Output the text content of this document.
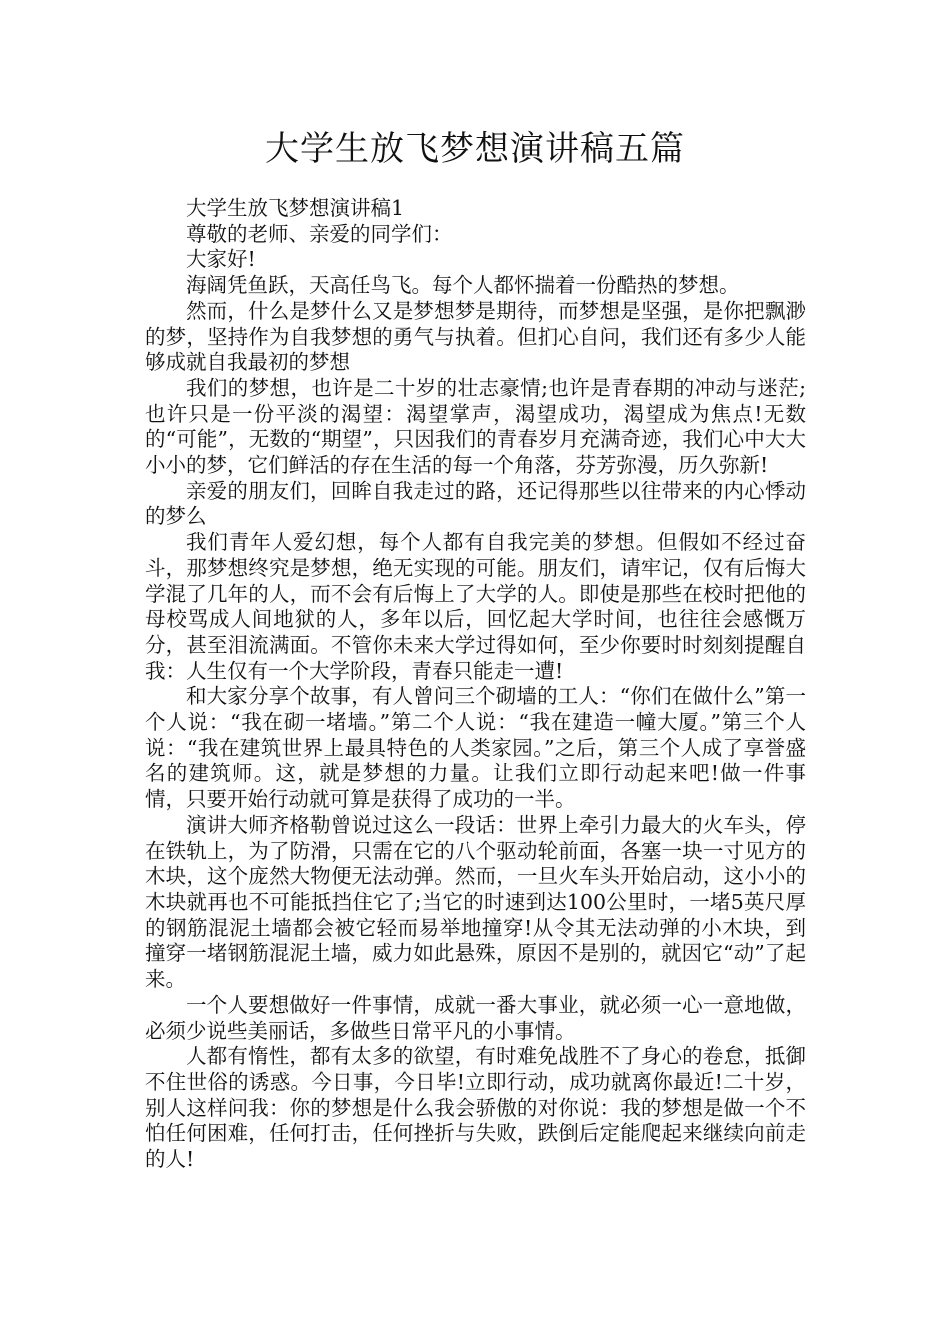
大学生放飞梦想演讲稿五篇

大学生放飞梦想演讲稿1

尊敬的老师、亲爱的同学们：

大家好!

海阔凭鱼跃，天高任鸟飞。每个人都怀揣着一份酷热的梦想。

然而，什么是梦什么又是梦想梦是期待，而梦想是坚强，是你把飘渺的梦，坚持作为自我梦想的勇气与执着。但扪心自问，我们还有多少人能够成就自我最初的梦想

我们的梦想，也许是二十岁的壮志豪情;也许是青春期的冲动与迷茫;也许只是一份平淡的渴望：渴望掌声，渴望成功，渴望成为焦点!无数的“可能”，无数的“期望”，只因我们的青春岁月充满奇迹，我们心中大大小小的梦，它们鲜活的存在生活的每一个角落，芬芳弥漫，历久弥新!

亲爱的朋友们，回眸自我走过的路，还记得那些以往带来的内心悸动的梦么

我们青年人爱幻想，每个人都有自我完美的梦想。但假如不经过奋斗，那梦想终究是梦想，绝无实现的可能。朋友们，请牢记，仅有后悔大学混了几年的人，而不会有后悔上了大学的人。即使是那些在校时把他的母校骂成人间地狱的人，多年以后，回忆起大学时间，也往往会感慨万分，甚至泪流满面。不管你未来大学过得如何，至少你要时时刻刻提醒自我：人生仅有一个大学阶段，青春只能走一遭!

和大家分享个故事，有人曾问三个砌墙的工人：“你们在做什么”第一个人说：“我在砌一堵墙。”第二个人说：“我在建造一幢大厦。”第三个人说：“我在建筑世界上最具特色的人类家园。”之后，第三个人成了享誉盛名的建筑师。这，就是梦想的力量。让我们立即行动起来吧!做一件事情，只要开始行动就可算是获得了成功的一半。

演讲大师齐格勒曾说过这么一段话：世界上牵引力最大的火车头，停在铁轨上，为了防滑，只需在它的八个驱动轮前面，各塞一块一寸见方的木块，这个庞然大物便无法动弹。然而，一旦火车头开始启动，这小小的木块就再也不可能抵挡住它了;当它的时速到达100公里时，一堵5英尺厚的钢筋混泥土墙都会被它轻而易举地撞穿!从令其无法动弹的小木块，到撞穿一堵钢筋混泥土墙，威力如此悬殊，原因不是别的，就因它“动”了起来。

一个人要想做好一件事情，成就一番大事业，就必须一心一意地做，必须少说些美丽话，多做些日常平凡的小事情。

人都有惰性，都有太多的欲望，有时难免战胜不了身心的卷怠，抵御不住世俗的诱惑。今日事，今日毕!立即行动，成功就离你最近!二十岁，别人这样问我：你的梦想是什么我会骄傲的对你说：我的梦想是做一个不怕任何困难，任何打击，任何挫折与失败，跌倒后定能爬起来继续向前走的人!
